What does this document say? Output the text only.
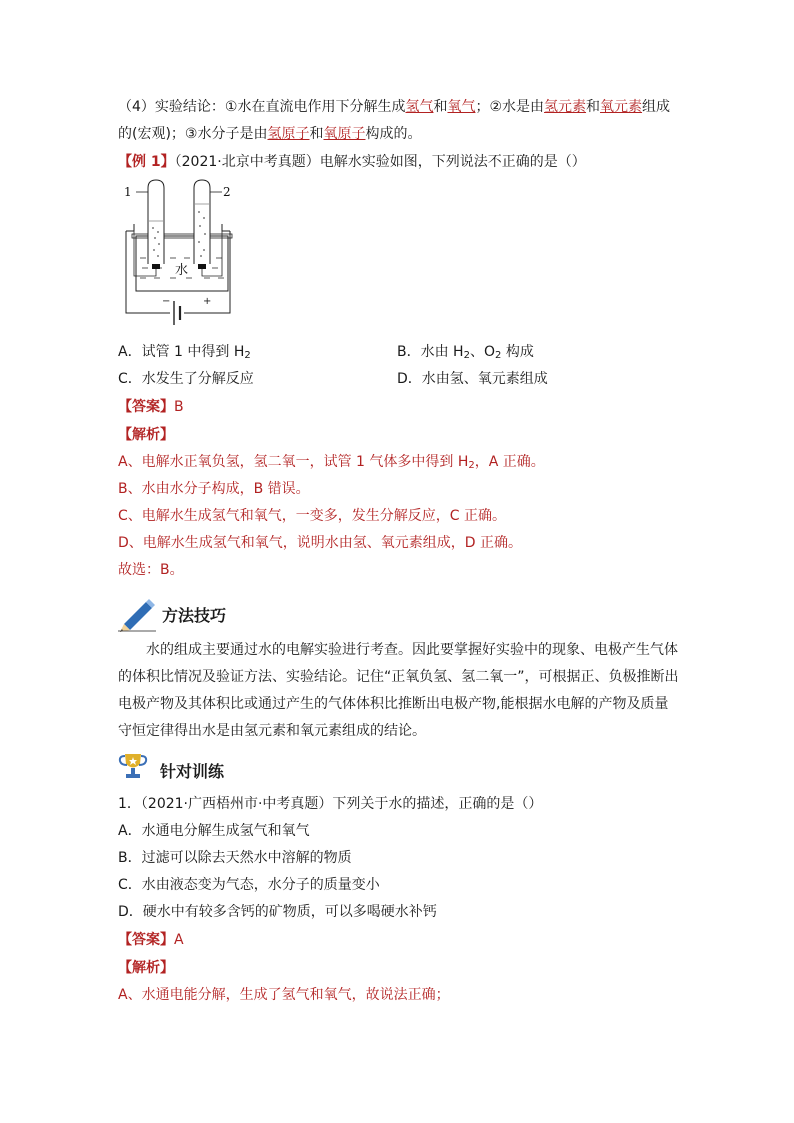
（4）实验结论：①水在直流电作用下分解生成氢气和氧气；②水是由氢元素和氧元素组成
的(宏观)；③水分子是由氢原子和氧原子构成的。
【例 1】（2021·北京中考真题）电解水实验如图，下列说法不正确的是（）
−	+
水
1	2
A．试管 1 中得到 $H_2$	B．水由 $H_2$、$O_2$ 构成
C．水发生了分解反应	D．水由氢、氧元素组成
【答案】B
【解析】
A、电解水正氧负氢，氢二氧一，试管 1 气体多中得到 $H_2$，A 正确。
B、水由水分子构成，B 错误。
C、电解水生成氢气和氧气，一变多，发生分解反应，C 正确。
D、电解水生成氢气和氧气，说明水由氢、氧元素组成，D 正确。
故选：B。
方法技巧
水的组成主要通过水的电解实验进行考查。因此要掌握好实验中的现象、电极产生气体
的体积比情况及验证方法、实验结论。记住“正氧负氢、氢二氧一”，可根据正、负极推断出
电极产物及其体积比或通过产生的气体体积比推断出电极产物,能根据水电解的产物及质量
守恒定律得出水是由氢元素和氧元素组成的结论。
针对训练
1．（2021·广西梧州市·中考真题）下列关于水的描述，正确的是（）
A．水通电分解生成氢气和氧气
B．过滤可以除去天然水中溶解的物质
C．水由液态变为气态，水分子的质量变小
D．硬水中有较多含钙的矿物质，可以多喝硬水补钙
【答案】A
【解析】
A、水通电能分解，生成了氢气和氧气，故说法正确；
